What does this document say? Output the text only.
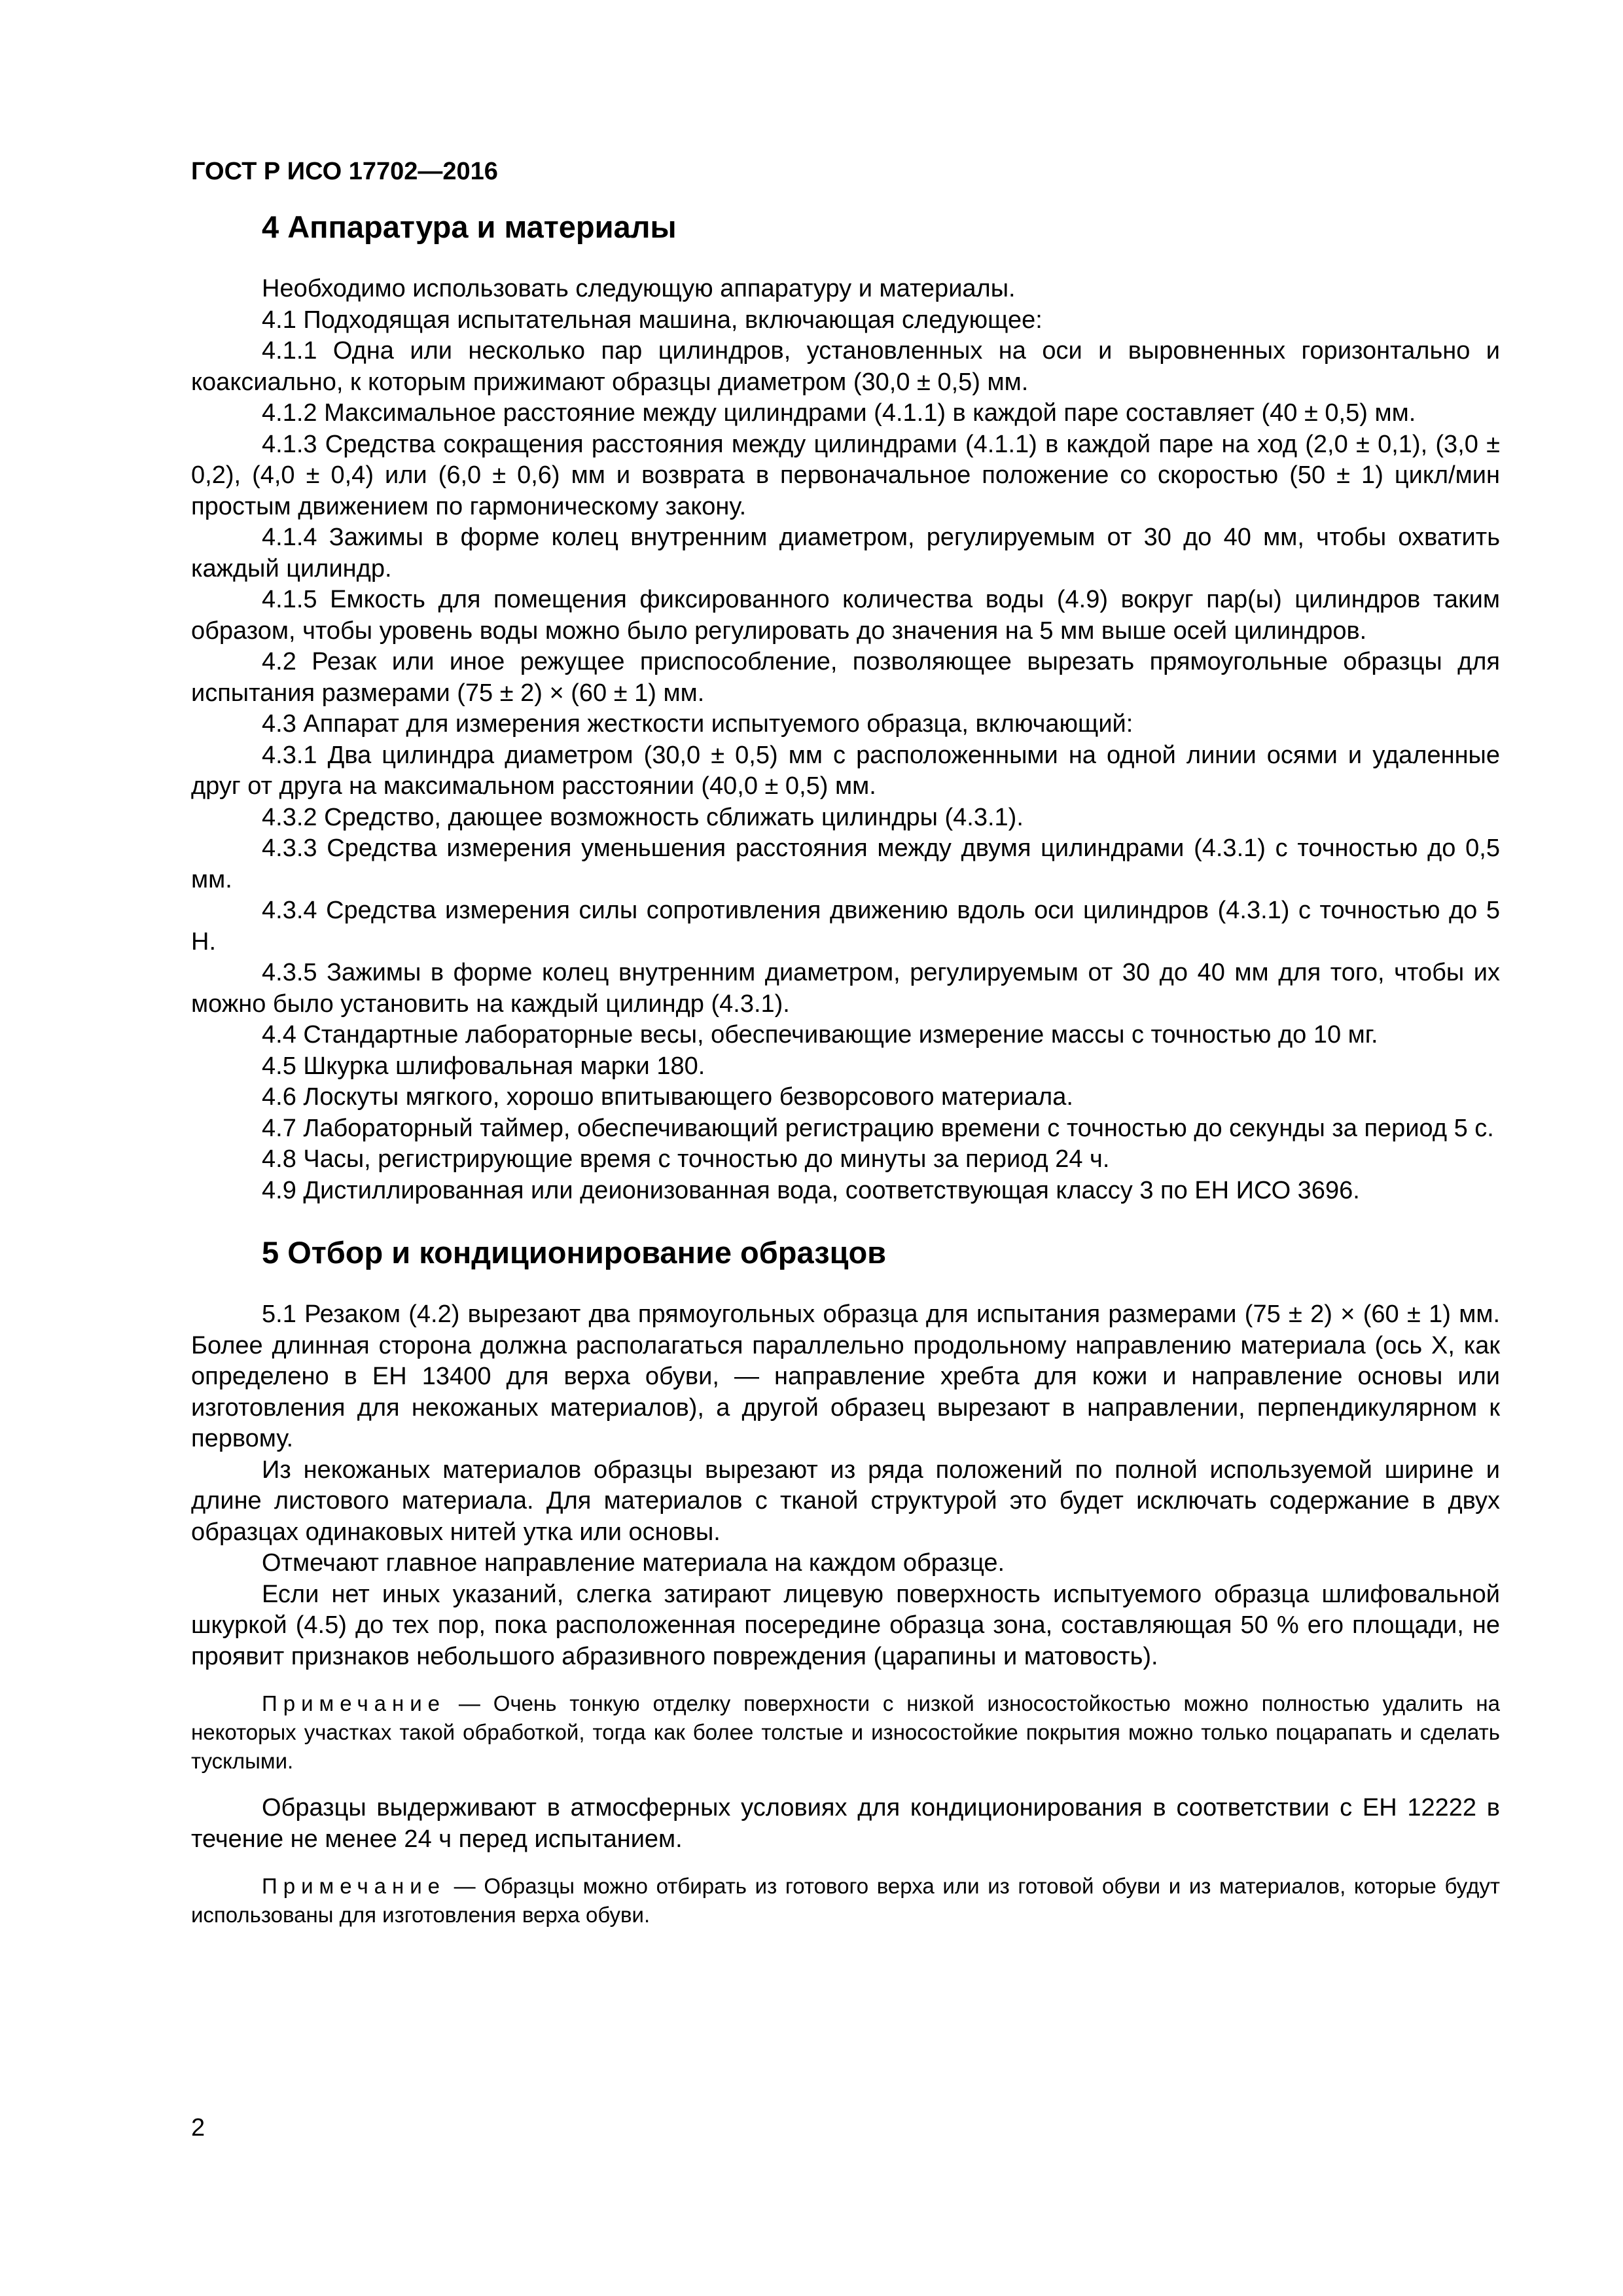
ГОСТ Р ИСО 17702—2016
4 Аппаратура и материалы

Необходимо использовать следующую аппаратуру и материалы.

4.1 Подходящая испытательная машина, включающая следующее:

4.1.1 Одна или несколько пар цилиндров, установленных на оси и выровненных горизонтально и коаксиально, к которым прижимают образцы диаметром (30,0 ± 0,5) мм.

4.1.2 Максимальное расстояние между цилиндрами (4.1.1) в каждой паре составляет (40 ± 0,5) мм.

4.1.3 Средства сокращения расстояния между цилиндрами (4.1.1) в каждой паре на ход (2,0 ± 0,1), (3,0 ± 0,2), (4,0 ± 0,4) или (6,0 ± 0,6) мм и возврата в первоначальное положение со скоростью (50 ± 1) цикл/мин простым движением по гармоническому закону.

4.1.4 Зажимы в форме колец внутренним диаметром, регулируемым от 30 до 40 мм, чтобы охватить каждый цилиндр.

4.1.5 Емкость для помещения фиксированного количества воды (4.9) вокруг пар(ы) цилиндров таким образом, чтобы уровень воды можно было регулировать до значения на 5 мм выше осей цилиндров.

4.2 Резак или иное режущее приспособление, позволяющее вырезать прямоугольные образцы для испытания размерами (75 ± 2) × (60 ± 1) мм.

4.3 Аппарат для измерения жесткости испытуемого образца, включающий:

4.3.1 Два цилиндра диаметром (30,0 ± 0,5) мм с расположенными на одной линии осями и удаленные друг от друга на максимальном расстоянии (40,0 ± 0,5) мм.

4.3.2 Средство, дающее возможность сближать цилиндры (4.3.1).

4.3.3 Средства измерения уменьшения расстояния между двумя цилиндрами (4.3.1) с точностью до 0,5 мм.

4.3.4 Средства измерения силы сопротивления движению вдоль оси цилиндров (4.3.1) с точностью до 5 Н.

4.3.5 Зажимы в форме колец внутренним диаметром, регулируемым от 30 до 40 мм для того, чтобы их можно было установить на каждый цилиндр (4.3.1).

4.4 Стандартные лабораторные весы, обеспечивающие измерение массы с точностью до 10 мг.

4.5 Шкурка шлифовальная марки 180.

4.6 Лоскуты мягкого, хорошо впитывающего безворсового материала.

4.7 Лабораторный таймер, обеспечивающий регистрацию времени с точностью до секунды за период 5 с.

4.8 Часы, регистрирующие время с точностью до минуты за период 24 ч.

4.9 Дистиллированная или деионизованная вода, соответствующая классу 3 по ЕН ИСО 3696.

5 Отбор и кондиционирование образцов

5.1 Резаком (4.2) вырезают два прямоугольных образца для испытания размерами (75 ± 2) × (60 ± 1) мм. Более длинная сторона должна располагаться параллельно продольному направлению материала (ось X, как определено в ЕН 13400 для верха обуви, — направление хребта для кожи и направление основы или изготовления для некожаных материалов), а другой образец вырезают в направлении, перпендикулярном к первому.

Из некожаных материалов образцы вырезают из ряда положений по полной используемой ширине и длине листового материала. Для материалов с тканой структурой это будет исключать содержание в двух образцах одинаковых нитей утка или основы.

Отмечают главное направление материала на каждом образце.

Если нет иных указаний, слегка затирают лицевую поверхность испытуемого образца шлифовальной шкуркой (4.5) до тех пор, пока расположенная посередине образца зона, составляющая 50 % его площади, не проявит признаков небольшого абразивного повреждения (царапины и матовость).

Примечание — Очень тонкую отделку поверхности с низкой износостойкостью можно полностью удалить на некоторых участках такой обработкой, тогда как более толстые и износостойкие покрытия можно только поцарапать и сделать тусклыми.

Образцы выдерживают в атмосферных условиях для кондиционирования в соответствии с ЕН 12222 в течение не менее 24 ч перед испытанием.

Примечание — Образцы можно отбирать из готового верха или из готовой обуви и из материалов, которые будут использованы для изготовления верха обуви.

2
